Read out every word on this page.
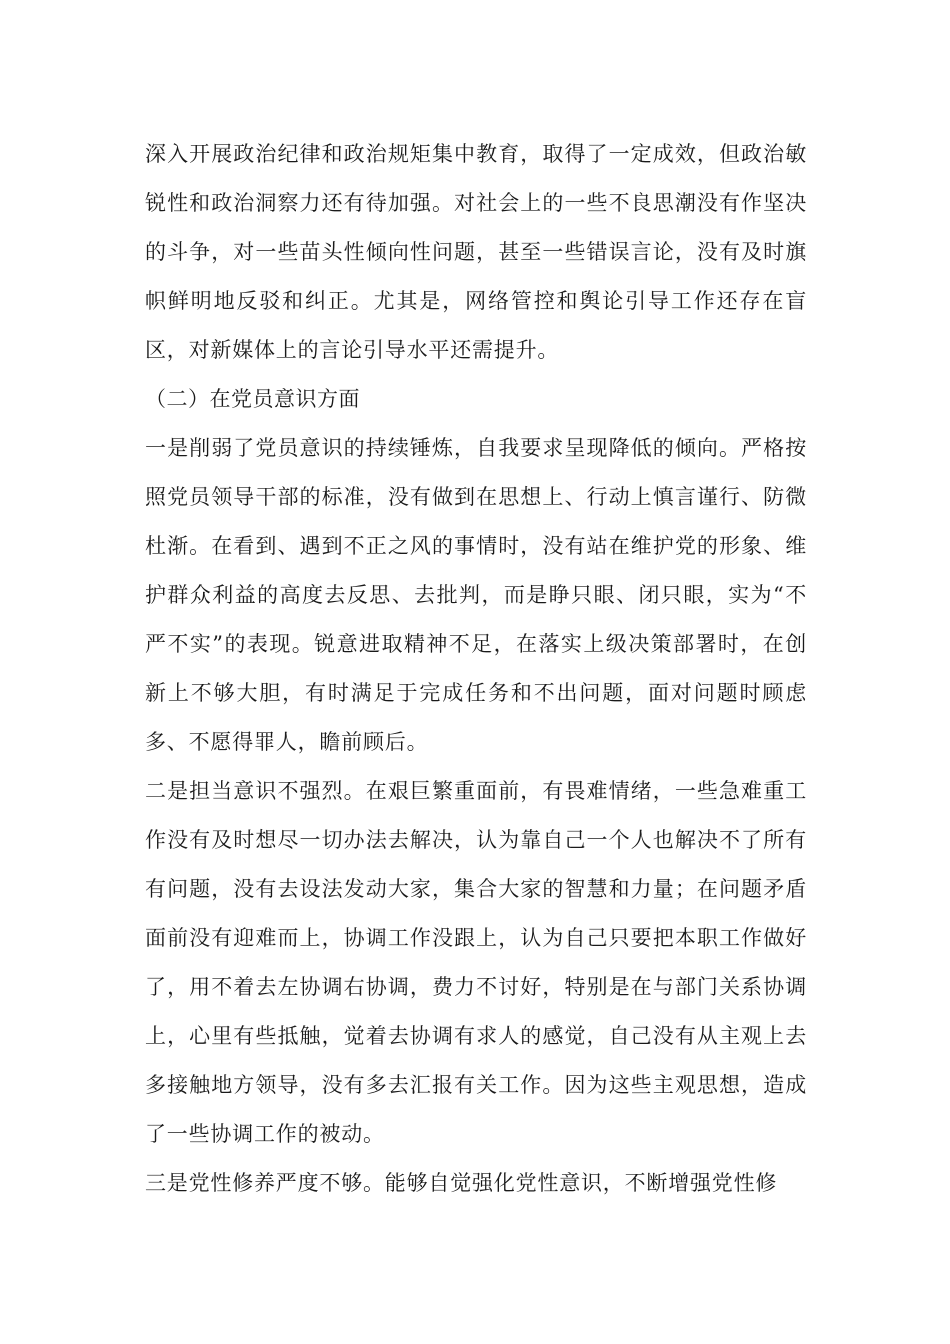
深入开展政治纪律和政治规矩集中教育，取得了一定成效，但政治敏锐性和政治洞察力还有待加强。对社会上的一些不良思潮没有作坚决的斗争，对一些苗头性倾向性问题，甚至一些错误言论，没有及时旗帜鲜明地反驳和纠正。尤其是，网络管控和舆论引导工作还存在盲区，对新媒体上的言论引导水平还需提升。

（二）在党员意识方面

一是削弱了党员意识的持续锤炼，自我要求呈现降低的倾向。严格按照党员领导干部的标准，没有做到在思想上、行动上慎言谨行、防微杜渐。在看到、遇到不正之风的事情时，没有站在维护党的形象、维护群众利益的高度去反思、去批判，而是睁只眼、闭只眼，实为“不严不实”的表现。锐意进取精神不足，在落实上级决策部署时，在创新上不够大胆，有时满足于完成任务和不出问题，面对问题时顾虑多、不愿得罪人，瞻前顾后。

二是担当意识不强烈。在艰巨繁重面前，有畏难情绪，一些急难重工作没有及时想尽一切办法去解决，认为靠自己一个人也解决不了所有有问题，没有去设法发动大家，集合大家的智慧和力量；在问题矛盾面前没有迎难而上，协调工作没跟上，认为自己只要把本职工作做好了，用不着去左协调右协调，费力不讨好，特别是在与部门关系协调上，心里有些抵触，觉着去协调有求人的感觉，自己没有从主观上去多接触地方领导，没有多去汇报有关工作。因为这些主观思想，造成了一些协调工作的被动。

三是党性修养严度不够。能够自觉强化党性意识，不断增强党性修
